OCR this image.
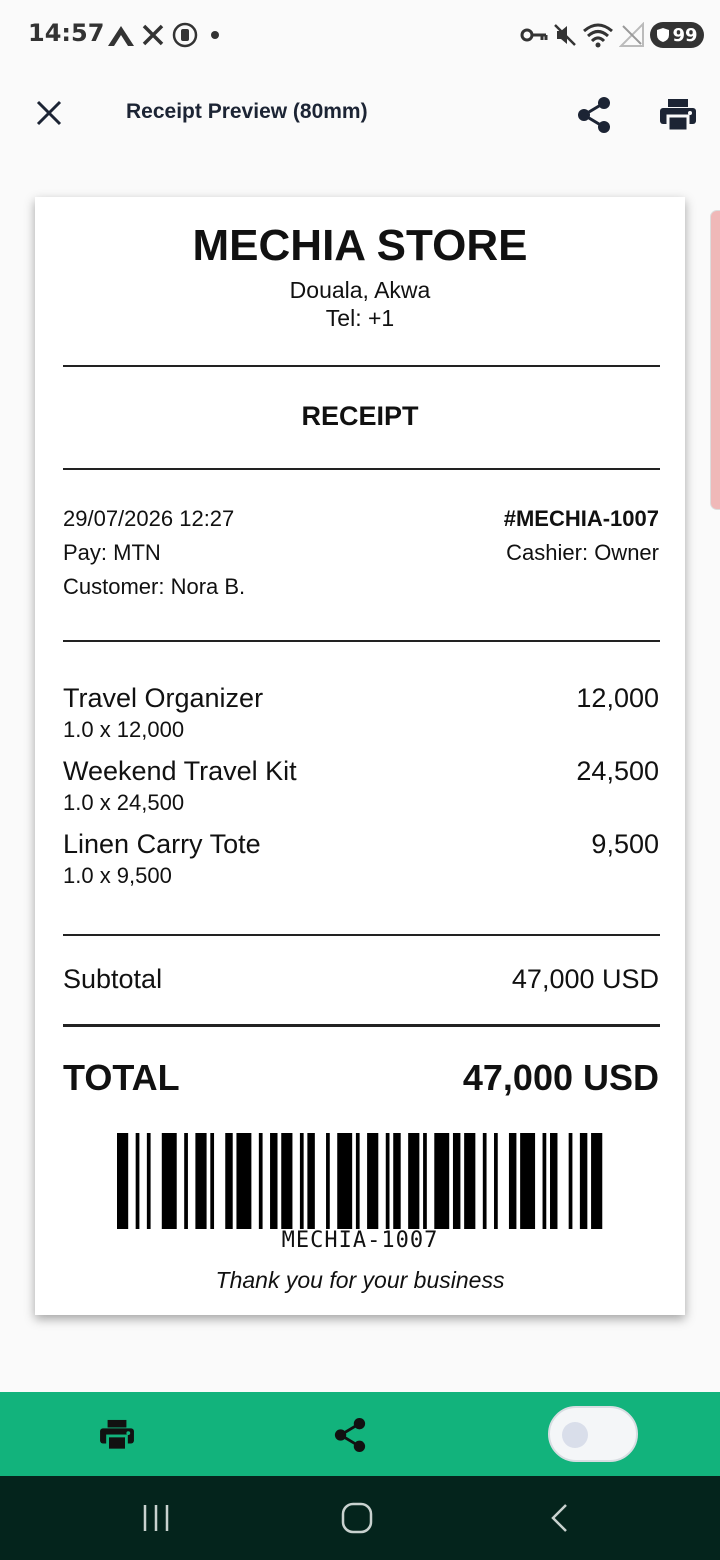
14:57	99
Receipt Preview (80mm)
MECHIA STORE
Douala, Akwa
Tel: +1
RECEIPT
29/07/2026 12:27	#MECHIA-1007
Pay: MTN	Cashier: Owner
Customer: Nora B.
Travel Organizer	12,000
1.0 x 12,000
Weekend Travel Kit	24,500
1.0 x 24,500
Linen Carry Tote	9,500
1.0 x 9,500
Subtotal	47,000 USD
TOTAL	47,000 USD
MECHIA-1007
Thank you for your business
